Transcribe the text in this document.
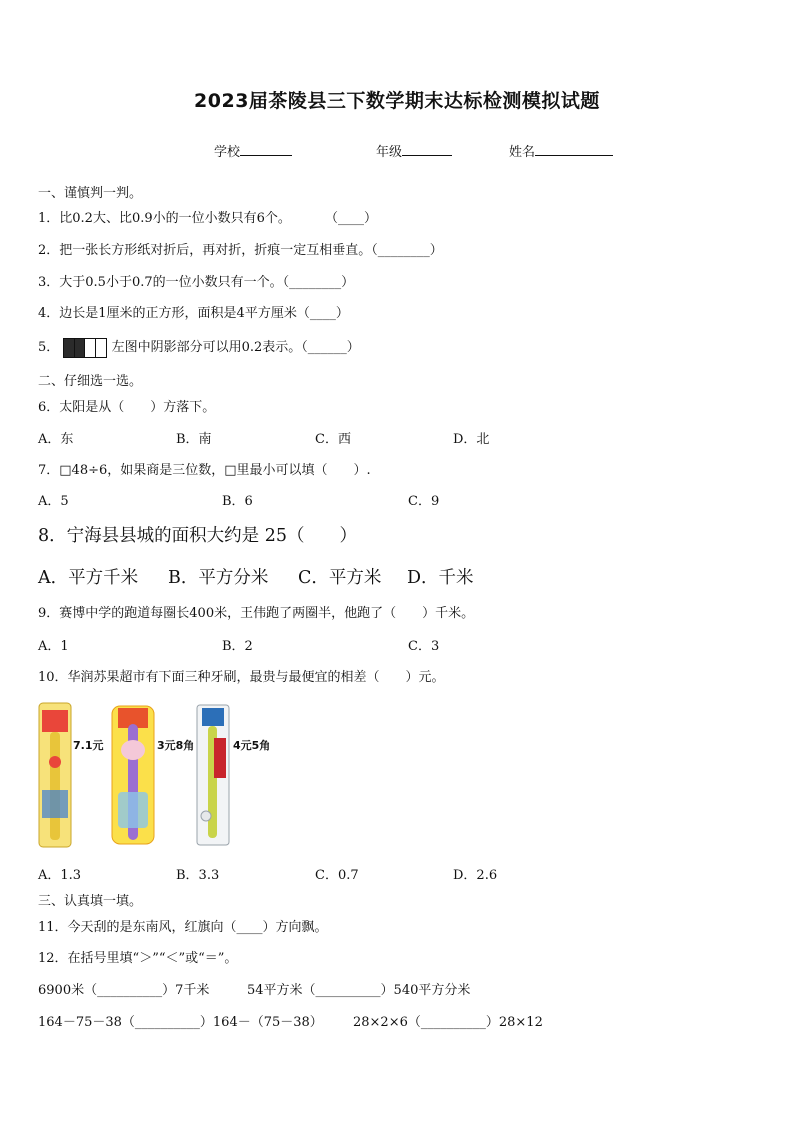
2023届茶陵县三下数学期末达标检测模拟试题
学校	年级	姓名
一、谨慎判一判。
1．比0.2大、比0.9小的一位小数只有6个。	（____）
2．把一张长方形纸对折后，再对折，折痕一定互相垂直。（________）
3．大于0.5小于0.7的一位小数只有一个。（________）
4．边长是1厘米的正方形，面积是4平方厘米（____）
5．	左图中阴影部分可以用0.2表示。（______）
二、仔细选一选。
6．太阳是从（　　）方落下。
A．东	B．南	C．西	D．北
7．□48÷6，如果商是三位数，□里最小可以填（　　）.
A．5	B．6	C．9
8．宁海县县城的面积大约是 25（　　）
A．平方千米 B．平方分米 C．平方米 D．千米
9．赛博中学的跑道每圈长400米，王伟跑了两圈半，他跑了（　　）千米。
A．1	B．2	C．3
10．华润苏果超市有下面三种牙刷，最贵与最便宜的相差（　　）元。
7.1元	3元8角	4元5角
A．1.3	B．3.3	C．0.7	D．2.6
三、认真填一填。
11．今天刮的是东南风，红旗向（____）方向飘。
12．在括号里填“＞”“＜”或“＝”。
6900米（__________）7千米	54平方米（__________）540平方分米
164－75－38（__________）164－（75－38） 28×2×6（__________）28×12
